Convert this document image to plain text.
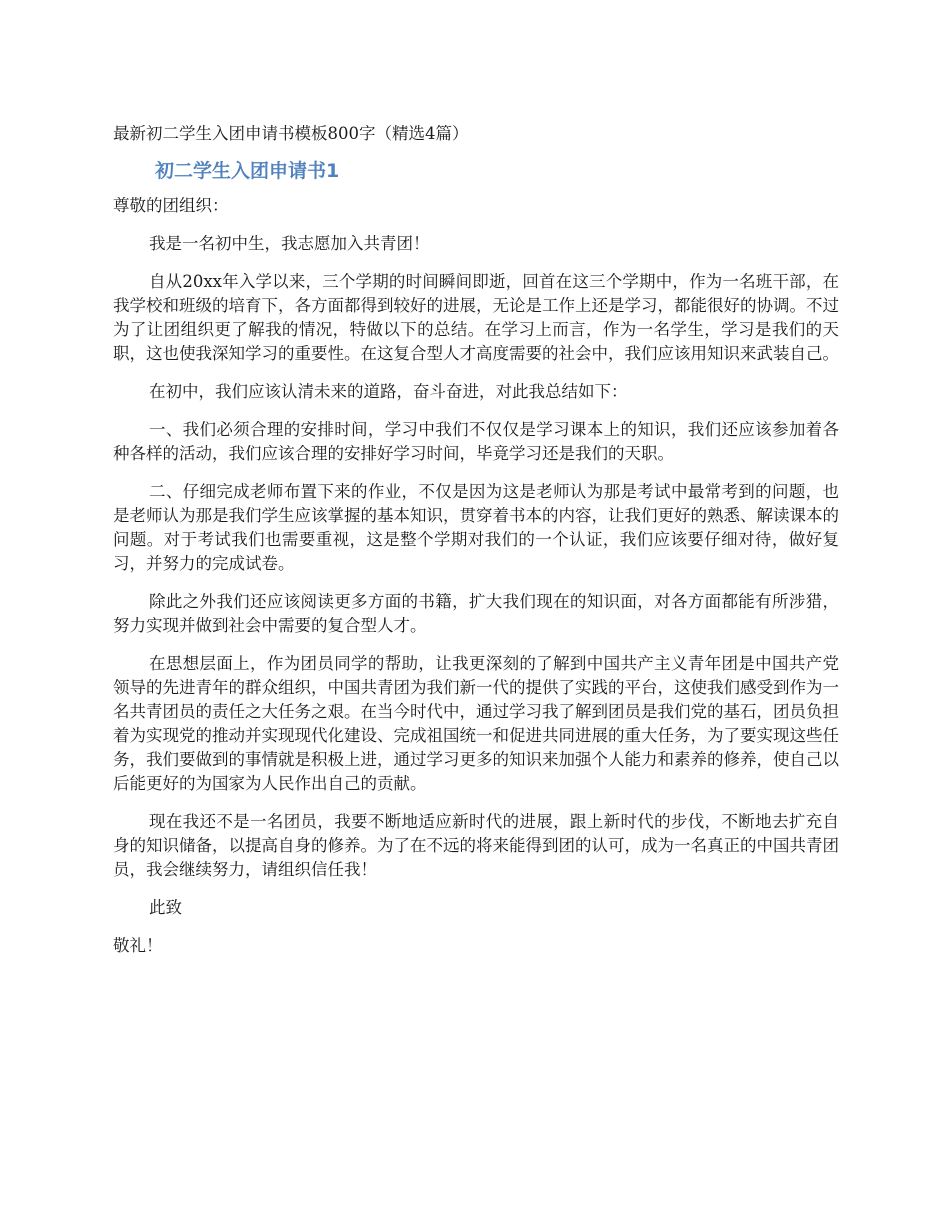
最新初二学生入团申请书模板800字（精选4篇）

初二学生入团申请书1

尊敬的团组织：

我是一名初中生，我志愿加入共青团！

自从20xx年入学以来，三个学期的时间瞬间即逝，回首在这三个学期中，作为一名班干部，在我学校和班级的培育下，各方面都得到较好的进展，无论是工作上还是学习，都能很好的协调。不过为了让团组织更了解我的情况，特做以下的总结。在学习上而言，作为一名学生，学习是我们的天职，这也使我深知学习的重要性。在这复合型人才高度需要的社会中，我们应该用知识来武装自己。

在初中，我们应该认清未来的道路，奋斗奋进，对此我总结如下：

一、我们必须合理的安排时间，学习中我们不仅仅是学习课本上的知识，我们还应该参加着各种各样的活动，我们应该合理的安排好学习时间，毕竟学习还是我们的天职。

二、仔细完成老师布置下来的作业，不仅是因为这是老师认为那是考试中最常考到的问题，也是老师认为那是我们学生应该掌握的基本知识，贯穿着书本的内容，让我们更好的熟悉、解读课本的问题。对于考试我们也需要重视，这是整个学期对我们的一个认证，我们应该要仔细对待，做好复习，并努力的完成试卷。

除此之外我们还应该阅读更多方面的书籍，扩大我们现在的知识面，对各方面都能有所涉猎，努力实现并做到社会中需要的复合型人才。

在思想层面上，作为团员同学的帮助，让我更深刻的了解到中国共产主义青年团是中国共产党领导的先进青年的群众组织，中国共青团为我们新一代的提供了实践的平台，这使我们感受到作为一名共青团员的责任之大任务之艰。在当今时代中，通过学习我了解到团员是我们党的基石，团员负担着为实现党的推动并实现现代化建设、完成祖国统一和促进共同进展的重大任务，为了要实现这些任务，我们要做到的事情就是积极上进，通过学习更多的知识来加强个人能力和素养的修养，使自己以后能更好的为国家为人民作出自己的贡献。

现在我还不是一名团员，我要不断地适应新时代的进展，跟上新时代的步伐，不断地去扩充自身的知识储备，以提高自身的修养。为了在不远的将来能得到团的认可，成为一名真正的中国共青团员，我会继续努力，请组织信任我！

此致

敬礼！
